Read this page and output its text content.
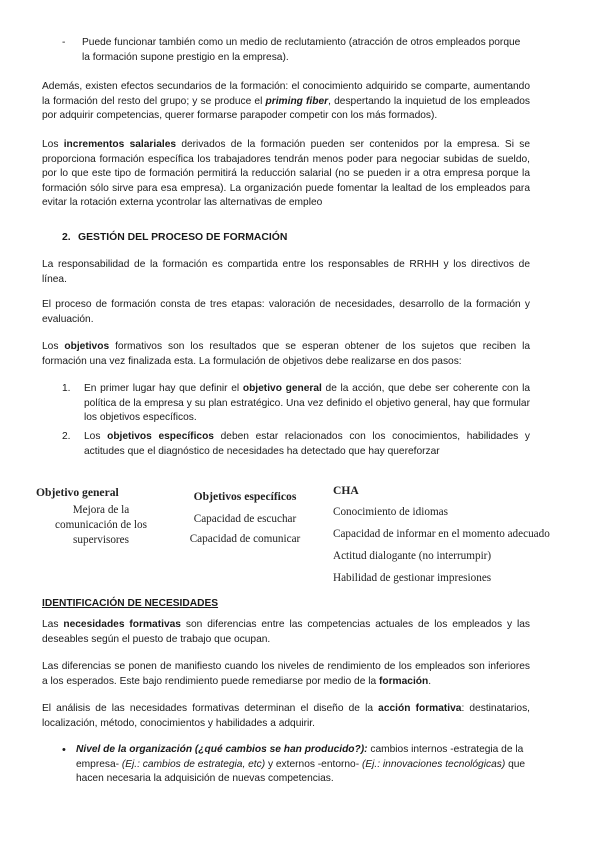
- Puede funcionar también como un medio de reclutamiento (atracción de otros empleados porque la formación supone prestigio en la empresa).

Además, existen efectos secundarios de la formación: el conocimiento adquirido se comparte, aumentando la formación del resto del grupo; y se produce el priming fiber, despertando la inquietud de los empleados por adquirir competencias, querer formarse parapoder competir con los más formados).

Los incrementos salariales derivados de la formación pueden ser contenidos por la empresa. Si se proporciona formación específica los trabajadores tendrán menos poder para negociar subidas de sueldo, por lo que este tipo de formación permitirá la reducción salarial (no se pueden ir a otra empresa porque la formación sólo sirve para esa empresa). La organización puede fomentar la lealtad de los empleados para evitar la rotación externa ycontrolar las alternativas de empleo

2. GESTIÓN DEL PROCESO DE FORMACIÓN

La responsabilidad de la formación es compartida entre los responsables de RRHH y los directivos de línea.

El proceso de formación consta de tres etapas: valoración de necesidades, desarrollo de la formación y evaluación.

Los objetivos formativos son los resultados que se esperan obtener de los sujetos que reciben la formación una vez finalizada esta. La formulación de objetivos debe realizarse en dos pasos:

1. En primer lugar hay que definir el objetivo general de la acción, que debe ser coherente con la política de la empresa y su plan estratégico. Una vez definido el objetivo general, hay que formular los objetivos específicos.
2. Los objetivos específicos deben estar relacionados con los conocimientos, habilidades y actitudes que el diagnóstico de necesidades ha detectado que hay quereforzar
Objetivo general
Mejora de la
comunicación de los
supervisores
Objetivos específicos
Capacidad de escuchar
Capacidad de comunicar
CHA
Conocimiento de idiomas
Capacidad de informar en el momento adecuado
Actitud dialogante (no interrumpir)
Habilidad de gestionar impresiones
IDENTIFICACIÓN DE NECESIDADES

Las necesidades formativas son diferencias entre las competencias actuales de los empleados y las deseables según el puesto de trabajo que ocupan.

Las diferencias se ponen de manifiesto cuando los niveles de rendimiento de los empleados son inferiores a los esperados. Este bajo rendimiento puede remediarse por medio de la formación.

El análisis de las necesidades formativas determinan el diseño de la acción formativa: destinatarios, localización, método, conocimientos y habilidades a adquirir.

• Nivel de la organización (¿qué cambios se han producido?): cambios internos -estrategia de la empresa- (Ej.: cambios de estrategia, etc) y externos -entorno- (Ej.: innovaciones tecnológicas) que hacen necesaria la adquisición de nuevas competencias.
